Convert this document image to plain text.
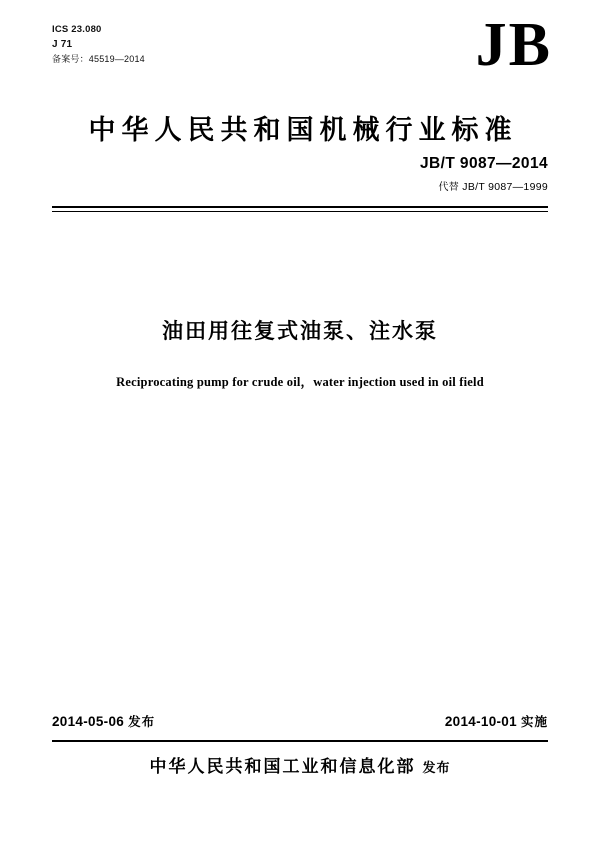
ICS 23.080
J 71
备案号：45519—2014	JB
中华人民共和国机械行业标准
JB/T 9087—2014
代替 JB/T 9087—1999
油田用往复式油泵、注水泵
Reciprocating pump for crude oil，water injection used in oil field
2014-05-06 发布	2014-10-01 实施
中华人民共和国工业和信息化部 发布
